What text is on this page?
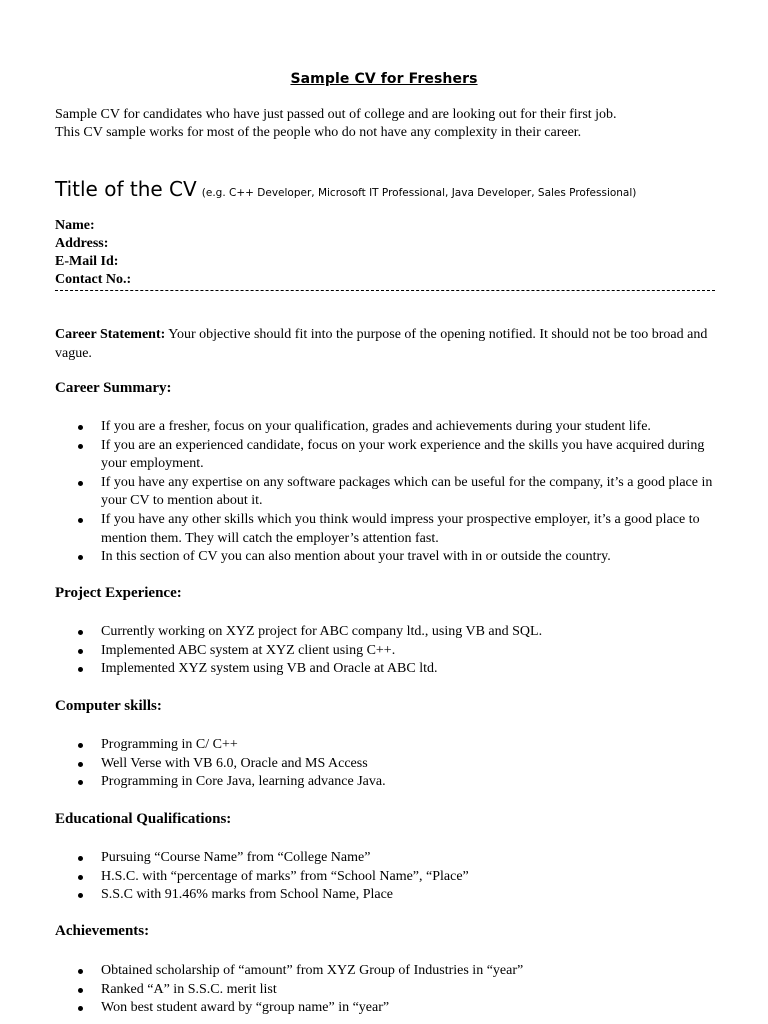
Sample CV for Freshers
Sample CV for candidates who have just passed out of college and are looking out for their first job.
This CV sample works for most of the people who do not have any complexity in their career.
Title of the CV (e.g. C++ Developer, Microsoft IT Professional, Java Developer, Sales Professional)
Name:
Address:
E-Mail Id:
Contact No.:
Career Statement: Your objective should fit into the purpose of the opening notified. It should not be too broad and vague.
Career Summary:
If you are a fresher, focus on your qualification, grades and achievements during your student life.
If you are an experienced candidate, focus on your work experience and the skills you have acquired during your employment.
If you have any expertise on any software packages which can be useful for the company, it’s a good place in your CV to mention about it.
If you have any other skills which you think would impress your prospective employer, it’s a good place to mention them. They will catch the employer’s attention fast.
In this section of CV you can also mention about your travel with in or outside the country.
Project Experience:
Currently working on XYZ project for ABC company ltd., using VB and SQL.
Implemented ABC system at XYZ client using C++.
Implemented XYZ system using VB and Oracle at ABC ltd.
Computer skills:
Programming in C/ C++
Well Verse with VB 6.0, Oracle and MS Access
Programming in Core Java, learning advance Java.
Educational Qualifications:
Pursuing “Course Name” from “College Name”
H.S.C. with “percentage of marks” from “School Name”, “Place”
S.S.C with 91.46% marks from School Name, Place
Achievements:
Obtained scholarship of “amount” from XYZ Group of Industries in “year”
Ranked “A” in S.S.C. merit list
Won best student award by “group name” in “year”
